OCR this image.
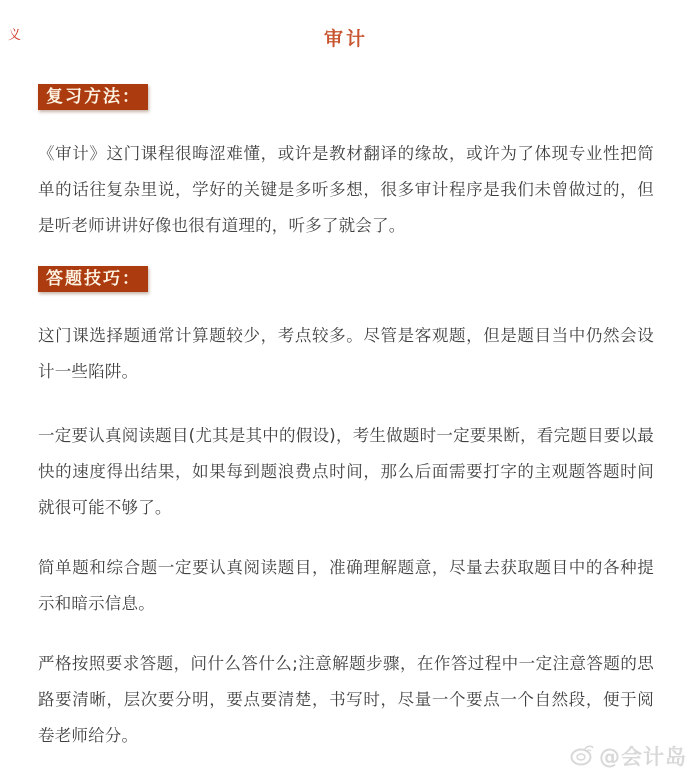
义	审计
复习方法：

《审计》这门课程很晦涩难懂，或许是教材翻译的缘故，或许为了体现专业性把简单的话往复杂里说，学好的关键是多听多想，很多审计程序是我们未曾做过的，但是听老师讲讲好像也很有道理的，听多了就会了。

答题技巧：

这门课选择题通常计算题较少，考点较多。尽管是客观题，但是题目当中仍然会设计一些陷阱。

一定要认真阅读题目(尤其是其中的假设)，考生做题时一定要果断，看完题目要以最快的速度得出结果，如果每到题浪费点时间，那么后面需要打字的主观题答题时间就很可能不够了。

简单题和综合题一定要认真阅读题目，准确理解题意，尽量去获取题目中的各种提示和暗示信息。

严格按照要求答题，问什么答什么;注意解题步骤，在作答过程中一定注意答题的思路要清晰，层次要分明，要点要清楚，书写时，尽量一个要点一个自然段，便于阅卷老师给分。

@会计岛
